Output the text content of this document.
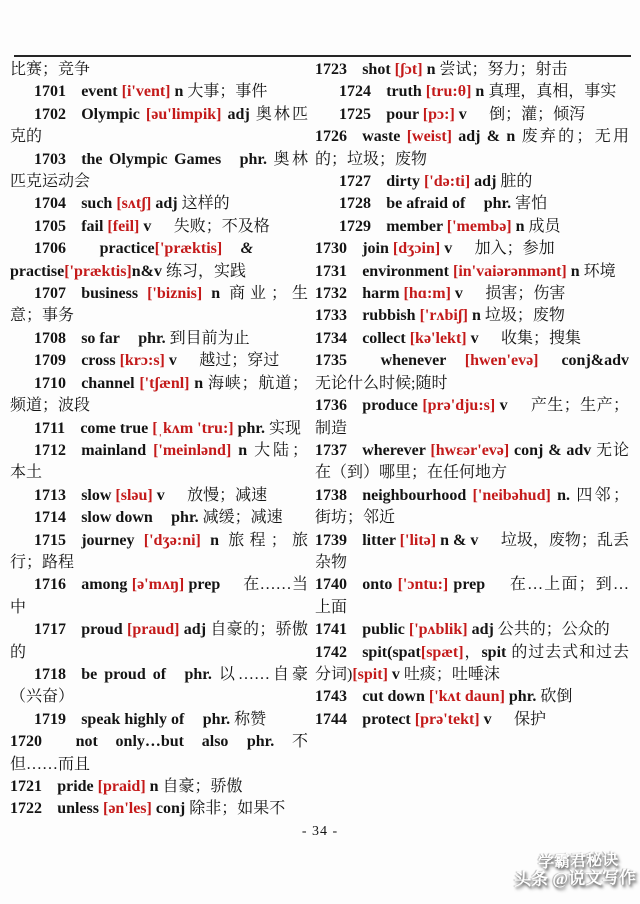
比赛；竞争

1701 event [i'vent] n 大事；事件

1702 Olympic [əu'limpik] adj 奥林匹克的

1703 the Olympic Games phr. 奥林匹克运动会

1704 such [sʌtʃ] adj 这样的

1705 fail [feil] v  失败；不及格

1706 practice['præktis] & practise['præktis]n&v 练习，实践

1707 business ['biznis] n 商业；生意；事务

1708 so far phr. 到目前为止

1709 cross [krɔ:s] v  越过；穿过

1710 channel ['tʃænl] n 海峡；航道；频道；波段

1711 come true [ˌkʌm 'tru:] phr. 实现

1712 mainland ['meinlənd] n 大陆；本土

1713 slow [sləu] v  放慢；减速

1714 slow down phr. 减缓；减速

1715 journey ['dʒə:ni] n 旅程；旅行；路程

1716 among [ə'mʌŋ] prep  在……当中

1717 proud [praud] adj 自豪的；骄傲的

1718 be proud of phr. 以……自豪（兴奋）

1719 speak highly of phr. 称赞

1720 not only…but also phr. 不但……而且

1721 pride [praid] n 自豪；骄傲

1722 unless [ən'les] conj 除非；如果不

1723 shot [ʃɔt] n 尝试；努力；射击

1724 truth [tru:θ] n 真理，真相，事实

1725 pour [pɔ:] v  倒；灌；倾泻

1726 waste [weist] adj & n 废弃的；无用的；垃圾；废物

1727 dirty ['də:ti] adj 脏的

1728 be afraid of phr. 害怕

1729 member ['membə] n 成员

1730 join [dʒɔin] v  加入；参加

1731 environment [in'vaiərənmənt] n 环境

1732 harm [hɑ:m] v  损害；伤害

1733 rubbish ['rʌbiʃ] n 垃圾；废物

1734 collect [kə'lekt] v  收集；搜集

1735 whenever [hwen'evə] conj&adv 无论什么时候;随时

1736 produce [prə'dju:s] v  产生；生产；制造

1737 wherever [hwɛər'evə] conj & adv 无论在（到）哪里；在任何地方

1738 neighbourhood ['neibəhud] n. 四邻；街坊；邻近

1739 litter ['litə] n & v  垃圾，废物；乱丢杂物

1740 onto ['ɔntu:] prep  在…上面；到…上面

1741 public ['pʌblik] adj 公共的；公众的

1742 spit(spat[spæt]，spit 的过去式和过去分词)[spit] v 吐痰；吐唾沫

1743 cut down ['kʌt daun] phr. 砍倒

1744 protect [prə'tekt] v  保护

- 34 -
学霸君秘诀
头条 @说文写作
